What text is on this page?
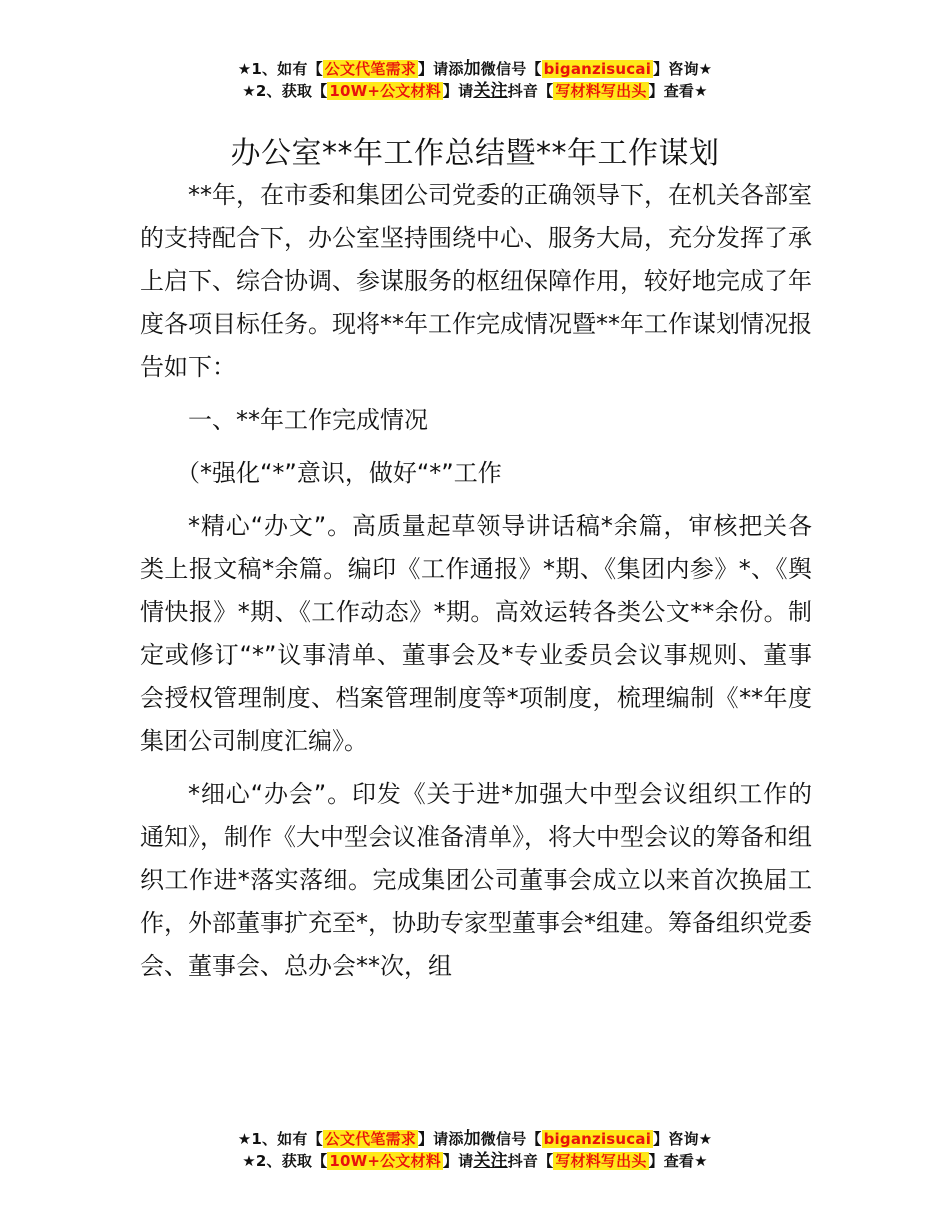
★1、如有【 公文代笔需求 】请添加微信号【 biganzisucai 】咨询★
★2、获取【 10W+公文材料 】请关注抖音【 写材料写出头 】查看★
办公室**年工作总结暨**年工作谋划

**年，在市委和集团公司党委的正确领导下，在机关各部室的支持配合下，办公室坚持围绕中心、服务大局，充分发挥了承上启下、综合协调、参谋服务的枢纽保障作用，较好地完成了年度各项目标任务。现将**年工作完成情况暨**年工作谋划情况报告如下：

一、**年工作完成情况

（*强化“*”意识，做好“*”工作

*精心“办文”。高质量起草领导讲话稿*余篇，审核把关各类上报文稿*余篇。编印《工作通报》*期、《集团内参》*、《舆情快报》*期、《工作动态》*期。高效运转各类公文**余份。制定或修订“*”议事清单、董事会及*专业委员会议事规则、董事会授权管理制度、档案管理制度等*项制度，梳理编制《**年度集团公司制度汇编》。

*细心“办会”。印发《关于进*加强大中型会议组织工作的通知》，制作《大中型会议准备清单》，将大中型会议的筹备和组织工作进*落实落细。完成集团公司董事会成立以来首次换届工作，外部董事扩充至*，协助专家型董事会*组建。筹备组织党委会、董事会、总办会**次，组

★1、如有【 公文代笔需求 】请添加微信号【 biganzisucai 】咨询★
★2、获取【 10W+公文材料 】请关注抖音【 写材料写出头 】查看★
